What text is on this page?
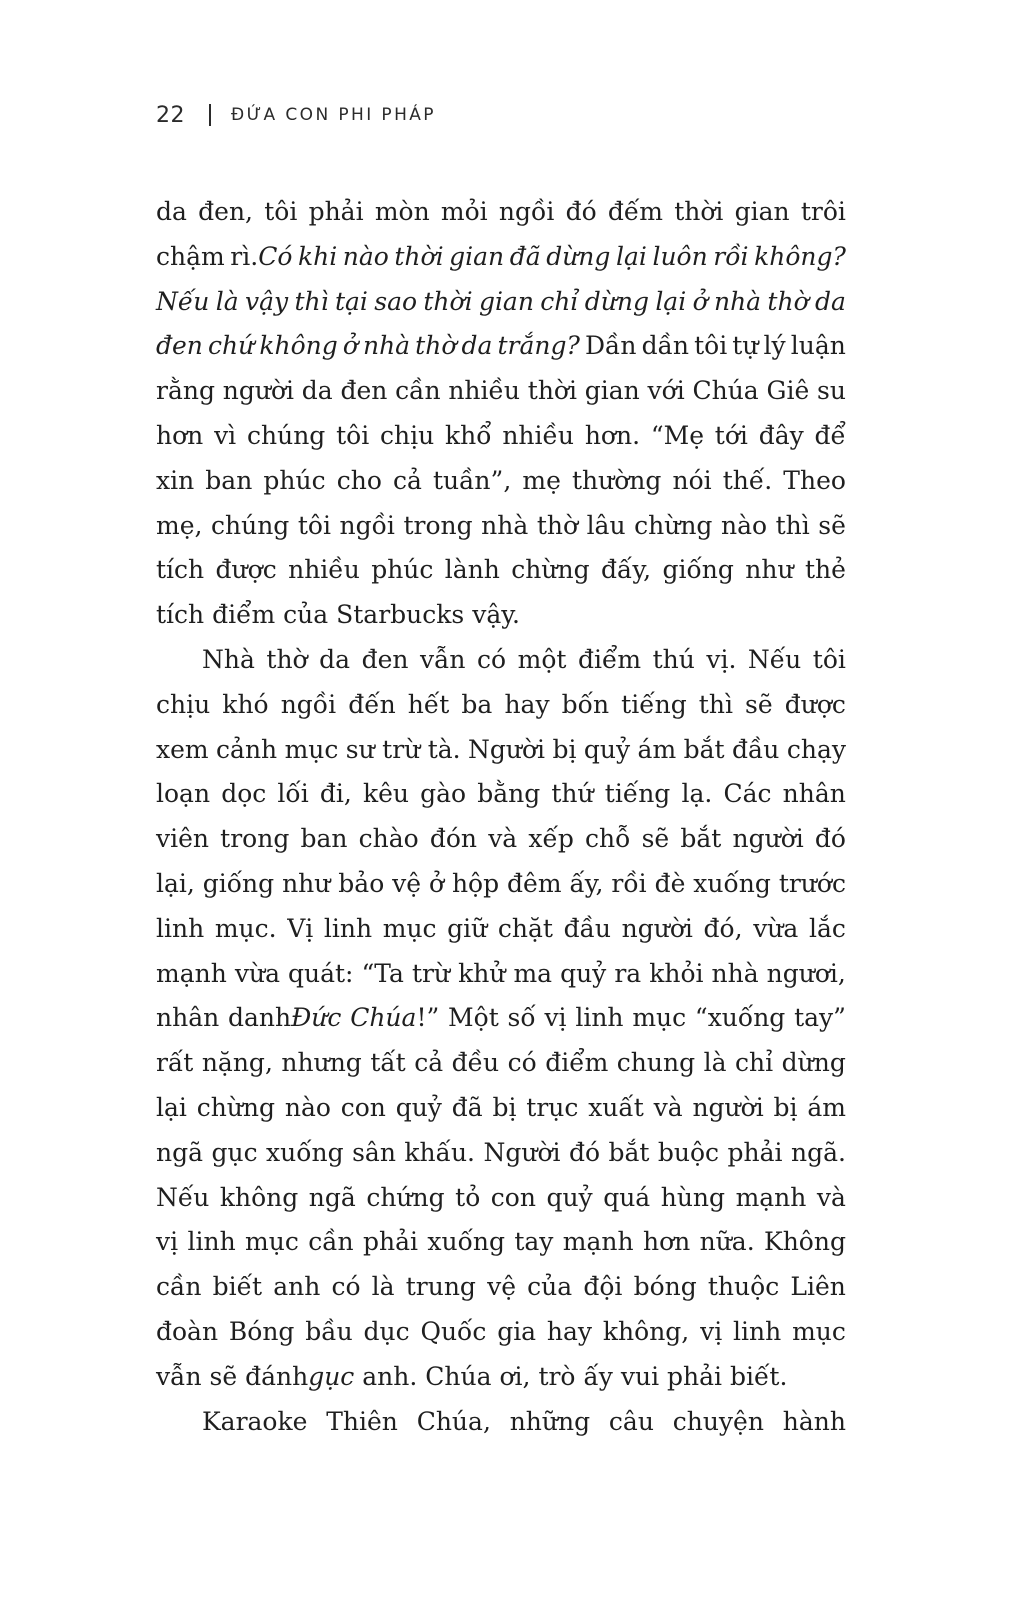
22	ĐỨA CON PHI PHÁP
da đen, tôi phải mòn mỏi ngồi đó đếm thời gian trôi
chậm rì.Có khi nào thời gian đã dừng lại luôn rồi không?
Nếu là vậy thì tại sao thời gian chỉ dừng lại ở nhà thờ da
đen chứ không ở nhà thờ da trắng? Dần dần tôi tự lý luận
rằng người da đen cần nhiều thời gian với Chúa Giê su
hơn vì chúng tôi chịu khổ nhiều hơn. “Mẹ tới đây để
xin ban phúc cho cả tuần”, mẹ thường nói thế. Theo
mẹ, chúng tôi ngồi trong nhà thờ lâu chừng nào thì sẽ
tích được nhiều phúc lành chừng đấy, giống như thẻ
tích điểm của Starbucks vậy.
Nhà thờ da đen vẫn có một điểm thú vị. Nếu tôi
chịu khó ngồi đến hết ba hay bốn tiếng thì sẽ được
xem cảnh mục sư trừ tà. Người bị quỷ ám bắt đầu chạy
loạn dọc lối đi, kêu gào bằng thứ tiếng lạ. Các nhân
viên trong ban chào đón và xếp chỗ sẽ bắt người đó
lại, giống như bảo vệ ở hộp đêm ấy, rồi đè xuống trước
linh mục. Vị linh mục giữ chặt đầu người đó, vừa lắc
mạnh vừa quát: “Ta trừ khử ma quỷ ra khỏi nhà ngươi,
nhân danhĐức Chúa!” Một số vị linh mục “xuống tay”
rất nặng, nhưng tất cả đều có điểm chung là chỉ dừng
lại chừng nào con quỷ đã bị trục xuất và người bị ám
ngã gục xuống sân khấu. Người đó bắt buộc phải ngã.
Nếu không ngã chứng tỏ con quỷ quá hùng mạnh và
vị linh mục cần phải xuống tay mạnh hơn nữa. Không
cần biết anh có là trung vệ của đội bóng thuộc Liên
đoàn Bóng bầu dục Quốc gia hay không, vị linh mục
vẫn sẽ đánhgục anh. Chúa ơi, trò ấy vui phải biết.
Karaoke Thiên Chúa, những câu chuyện hành
